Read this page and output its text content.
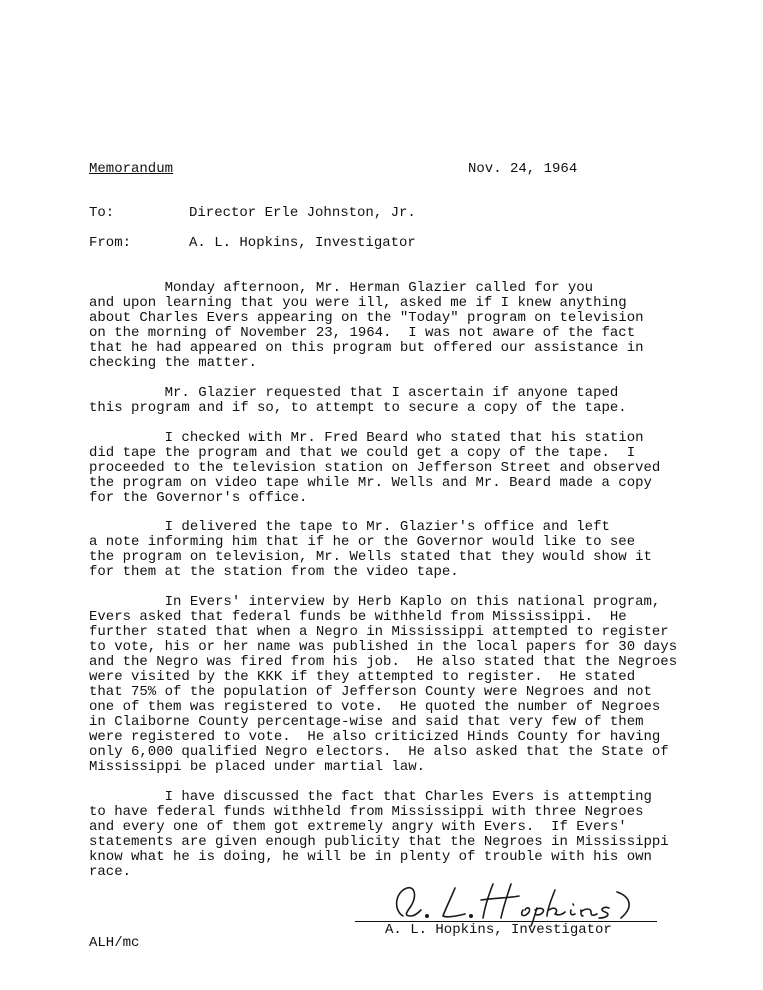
Memorandum	Nov. 24, 1964
To:	Director Erle Johnston, Jr.
From:	A. L. Hopkins, Investigator
Monday afternoon, Mr. Herman Glazier called for you
and upon learning that you were ill, asked me if I knew anything
about Charles Evers appearing on the "Today" program on television
on the morning of November 23, 1964.  I was not aware of the fact
that he had appeared on this program but offered our assistance in
checking the matter.
Mr. Glazier requested that I ascertain if anyone taped
this program and if so, to attempt to secure a copy of the tape.
I checked with Mr. Fred Beard who stated that his station
did tape the program and that we could get a copy of the tape.  I
proceeded to the television station on Jefferson Street and observed
the program on video tape while Mr. Wells and Mr. Beard made a copy
for the Governor's office.
I delivered the tape to Mr. Glazier's office and left
a note informing him that if he or the Governor would like to see
the program on television, Mr. Wells stated that they would show it
for them at the station from the video tape.
In Evers' interview by Herb Kaplo on this national program,
Evers asked that federal funds be withheld from Mississippi.  He
further stated that when a Negro in Mississippi attempted to register
to vote, his or her name was published in the local papers for 30 days
and the Negro was fired from his job.  He also stated that the Negroes
were visited by the KKK if they attempted to register.  He stated
that 75% of the population of Jefferson County were Negroes and not
one of them was registered to vote.  He quoted the number of Negroes
in Claiborne County percentage-wise and said that very few of them
were registered to vote.  He also criticized Hinds County for having
only 6,000 qualified Negro electors.  He also asked that the State of
Mississippi be placed under martial law.
I have discussed the fact that Charles Evers is attempting
to have federal funds withheld from Mississippi with three Negroes
and every one of them got extremely angry with Evers.  If Evers'
statements are given enough publicity that the Negroes in Mississippi
know what he is doing, he will be in plenty of trouble with his own
race.
A. L. Hopkins, Investigator
ALH/mc
